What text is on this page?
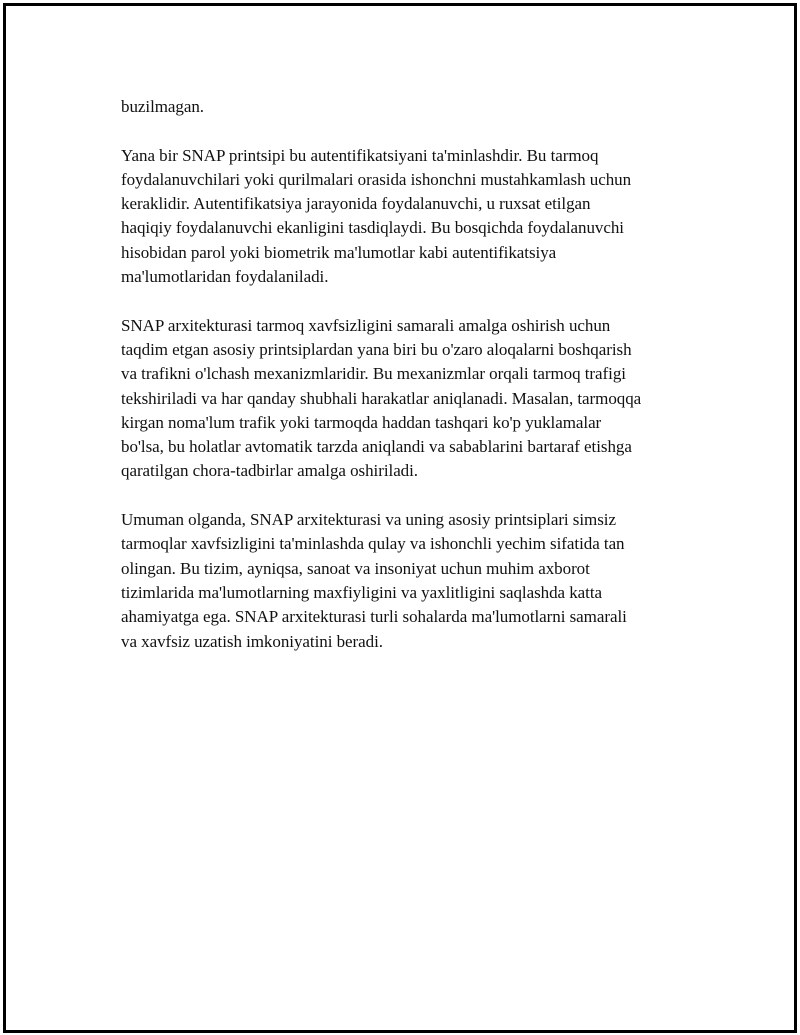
buzilmagan.

Yana bir SNAP printsipi bu autentifikatsiyani ta'minlashdir. Bu tarmoq
foydalanuvchilari yoki qurilmalari orasida ishonchni mustahkamlash uchun
keraklidir. Autentifikatsiya jarayonida foydalanuvchi, u ruxsat etilgan
haqiqiy foydalanuvchi ekanligini tasdiqlaydi. Bu bosqichda foydalanuvchi
hisobidan parol yoki biometrik ma'lumotlar kabi autentifikatsiya
ma'lumotlaridan foydalaniladi.

SNAP arxitekturasi tarmoq xavfsizligini samarali amalga oshirish uchun
taqdim etgan asosiy printsiplardan yana biri bu o'zaro aloqalarni boshqarish
va trafikni o'lchash mexanizmlaridir. Bu mexanizmlar orqali tarmoq trafigi
tekshiriladi va har qanday shubhali harakatlar aniqlanadi. Masalan, tarmoqqa
kirgan noma'lum trafik yoki tarmoqda haddan tashqari ko'p yuklamalar
bo'lsa, bu holatlar avtomatik tarzda aniqlandi va sabablarini bartaraf etishga
qaratilgan chora-tadbirlar amalga oshiriladi.

Umuman olganda, SNAP arxitekturasi va uning asosiy printsiplari simsiz
tarmoqlar xavfsizligini ta'minlashda qulay va ishonchli yechim sifatida tan
olingan. Bu tizim, ayniqsa, sanoat va insoniyat uchun muhim axborot
tizimlarida ma'lumotlarning maxfiyligini va yaxlitligini saqlashda katta
ahamiyatga ega. SNAP arxitekturasi turli sohalarda ma'lumotlarni samarali
va xavfsiz uzatish imkoniyatini beradi.
